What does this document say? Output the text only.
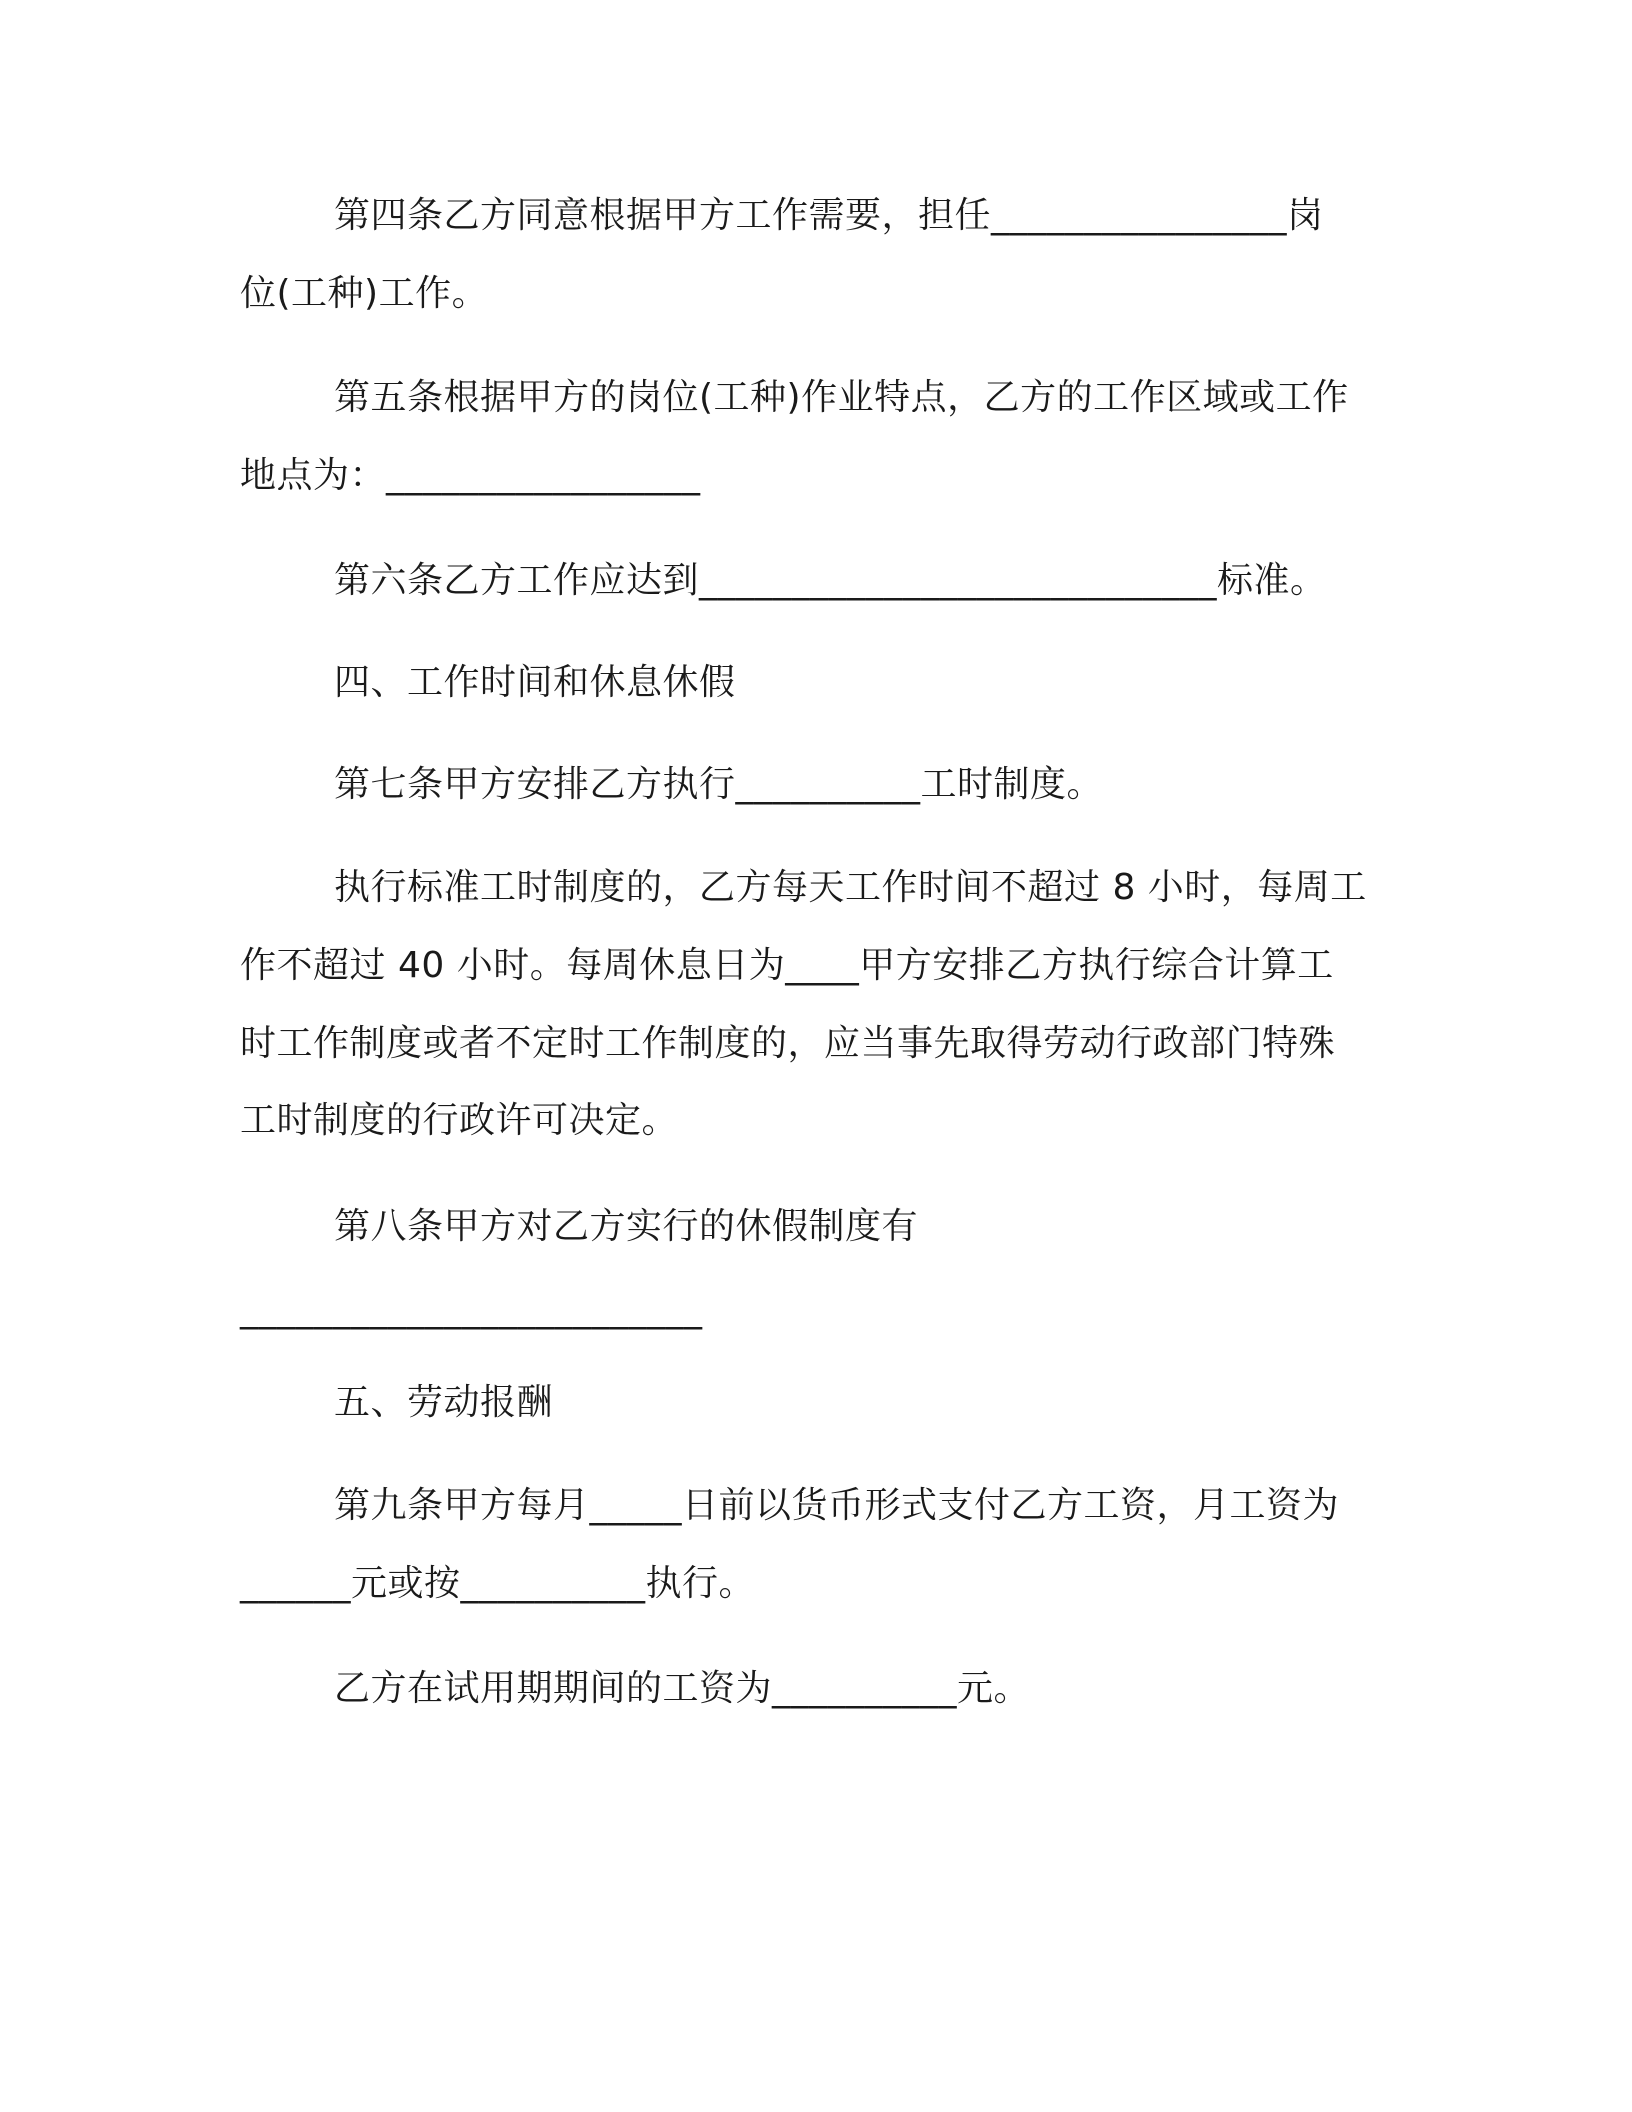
第四条乙方同意根据甲方工作需要，担任________________岗
位(工种)工作。
第五条根据甲方的岗位(工种)作业特点，乙方的工作区域或工作
地点为：_________________
第六条乙方工作应达到____________________________标准。
四、工作时间和休息休假
第七条甲方安排乙方执行__________工时制度。
执行标准工时制度的，乙方每天工作时间不超过 8 小时，每周工
作不超过 40 小时。每周休息日为____甲方安排乙方执行综合计算工
时工作制度或者不定时工作制度的，应当事先取得劳动行政部门特殊
工时制度的行政许可决定。
第八条甲方对乙方实行的休假制度有
_________________________
五、劳动报酬
第九条甲方每月_____日前以货币形式支付乙方工资，月工资为
______元或按__________执行。
乙方在试用期期间的工资为__________元。
